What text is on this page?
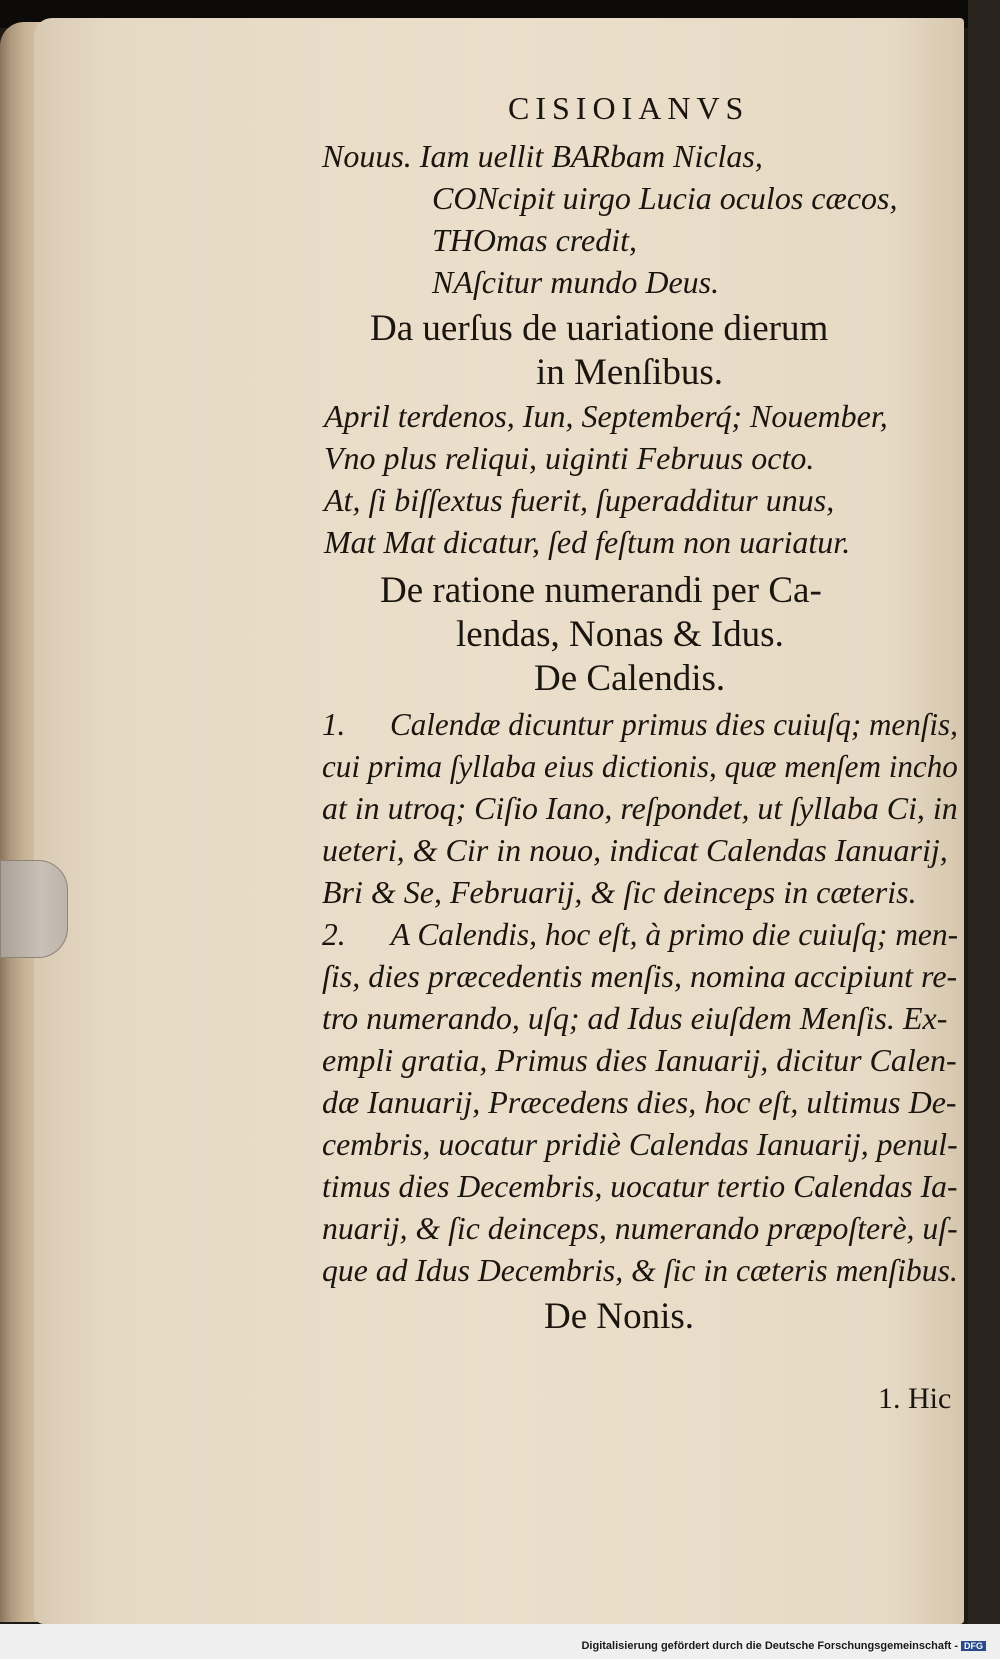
CISIOIANVS
Nouus. Iam uellit BARbam Niclas,
CONcipit uirgo Lucia oculos cæcos,
THOmas credit,
NAſcitur mundo Deus.
Da uerſus de uariatione dierum
in Menſibus.
April terdenos, Iun, Septemberq́; Nouember,
Vno plus reliqui, uiginti Februus octo.
At, ſi biſſextus fuerit, ſuperadditur unus,
Mat Mat dicatur, ſed feſtum non uariatur.
De ratione numerandi per Ca-
lendas, Nonas & Idus.
De Calendis.
1. Calendæ dicuntur primus dies cuiuſq; menſis,
cui prima ſyllaba eius dictionis, quæ menſem incho
at in utroq; Ciſio Iano, reſpondet, ut ſyllaba Ci, in
ueteri, & Cir in nouo, indicat Calendas Ianuarij,
Bri & Se, Februarij, & ſic deinceps in cæteris.
2. A Calendis, hoc eſt, à primo die cuiuſq; men-
ſis, dies præcedentis menſis, nomina accipiunt re-
tro numerando, uſq; ad Idus eiuſdem Menſis. Ex-
empli gratia, Primus dies Ianuarij, dicitur Calen-
dæ Ianuarij, Præcedens dies, hoc eſt, ultimus De-
cembris, uocatur pridiè Calendas Ianuarij, penul-
timus dies Decembris, uocatur tertio Calendas Ia-
nuarij, & ſic deinceps, numerando præpoſterè, uſ-
que ad Idus Decembris, & ſic in cæteris menſibus.
De Nonis.
1. Hic
Digitalisierung gefördert durch die Deutsche Forschungsgemeinschaft - DFG
